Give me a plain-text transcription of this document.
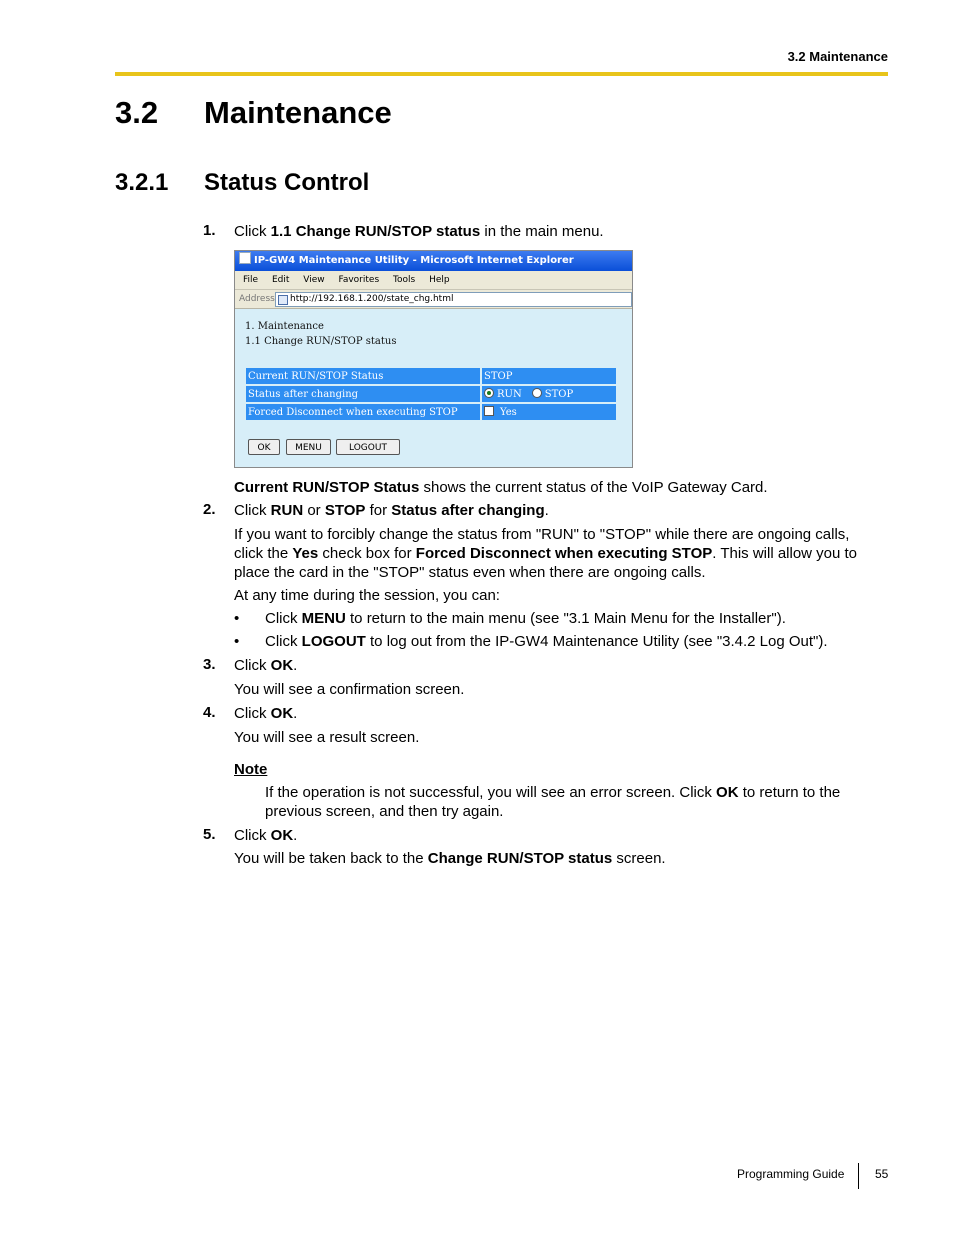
3.2 Maintenance
3.2 Maintenance
3.2.1 Status Control
1. Click 1.1 Change RUN/STOP status in the main menu.
IP-GW4 Maintenance Utility - Microsoft Internet Explorer
File Edit View Favorites Tools Help
Address	http://192.168.1.200/state_chg.html
1. Maintenance
1.1 Change RUN/STOP status
Current RUN/STOP Status	STOP
Status after changing	RUN STOP
Forced Disconnect when executing STOP	Yes
OK	MENU	LOGOUT
Current RUN/STOP Status shows the current status of the VoIP Gateway Card.
2. Click RUN or STOP for Status after changing.
If you want to forcibly change the status from "RUN" to "STOP" while there are ongoing calls,
click the Yes check box for Forced Disconnect when executing STOP. This will allow you to
place the card in the "STOP" status even when there are ongoing calls.
At any time during the session, you can:
• Click MENU to return to the main menu (see "3.1 Main Menu for the Installer").
• Click LOGOUT to log out from the IP-GW4 Maintenance Utility (see "3.4.2 Log Out").
3. Click OK.
You will see a confirmation screen.
4. Click OK.
You will see a result screen.
Note
If the operation is not successful, you will see an error screen. Click OK to return to the
previous screen, and then try again.
5. Click OK.
You will be taken back to the Change RUN/STOP status screen.
Programming Guide	55
